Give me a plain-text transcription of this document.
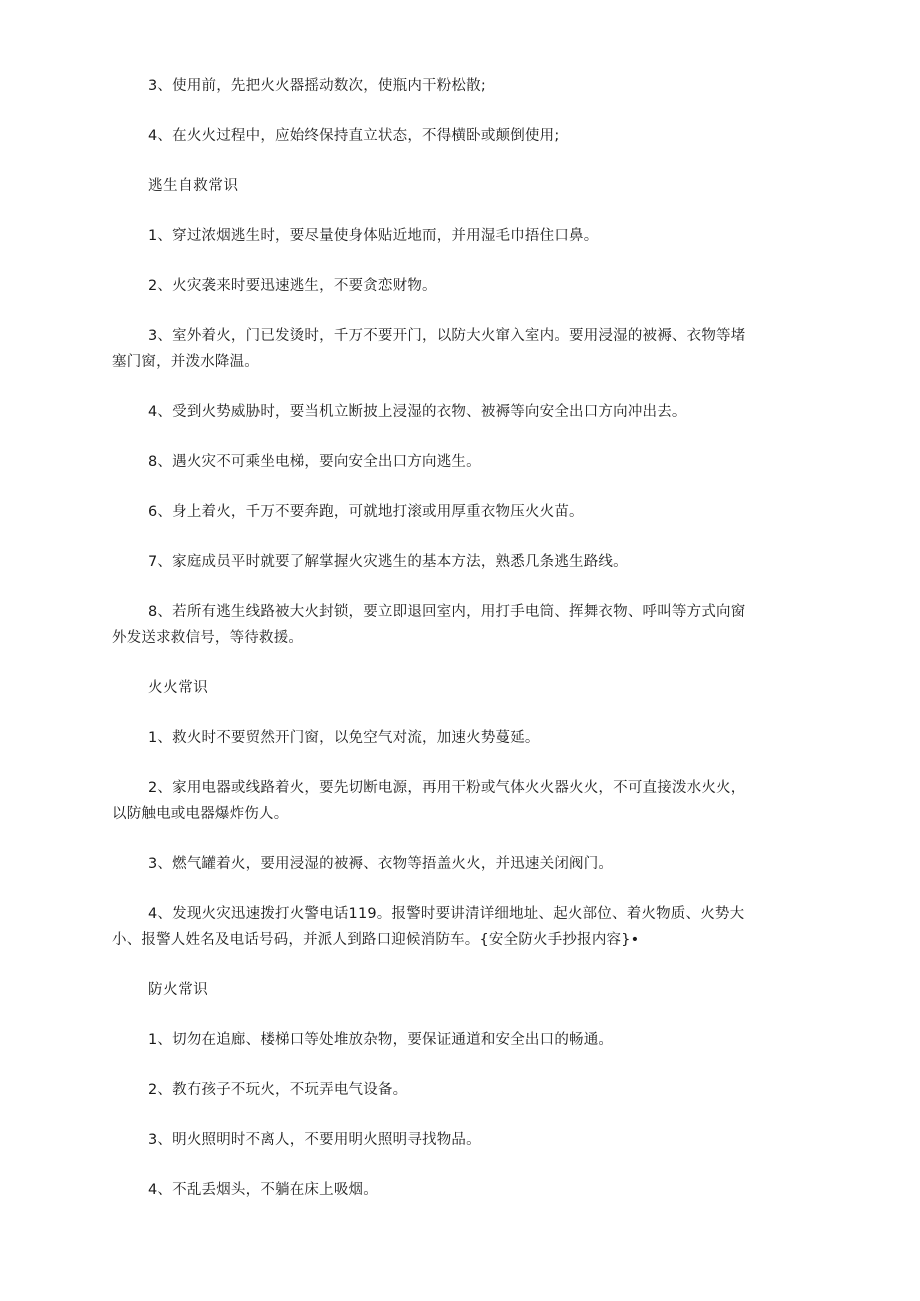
3、使用前，先把火火器摇动数次，使瓶内干粉松散;

4、在火火过程中，应始终保持直立状态，不得横卧或颠倒使用;

逃生自救常识

1、穿过浓烟逃生时，要尽量使身体贴近地而，并用湿毛巾捂住口鼻。

2、火灾袭来时要迅速逃生，不要贪恋财物。

3、室外着火，门已发烫时，千万不要开门，以防大火窜入室内。要用浸湿的被褥、衣物等堵塞门窗，并泼水降温。

4、受到火势威胁时，要当机立断披上浸湿的衣物、被褥等向安全出口方向冲出去。

8、遇火灾不可乘坐电梯，要向安全出口方向逃生。

6、身上着火，千万不要奔跑，可就地打滚或用厚重衣物压火火苗。

7、家庭成员平时就要了解掌握火灾逃生的基本方法，熟悉几条逃生路线。

8、若所有逃生线路被大火封锁，要立即退回室内，用打手电筒、挥舞衣物、呼叫等方式向窗外发送求救信号，等待救援。

火火常识

1、救火时不要贸然开门窗，以免空气对流，加速火势蔓延。

2、家用电器或线路着火，要先切断电源，再用干粉或气体火火器火火，不可直接泼水火火，以防触电或电器爆炸伤人。

3、燃气罐着火，要用浸湿的被褥、衣物等捂盖火火，并迅速关闭阀门。

4、发现火灾迅速拨打火警电话119。报警时要讲清详细地址、起火部位、着火物质、火势大小、报警人姓名及电话号码，并派人到路口迎候消防车。{安全防火手抄报内容}•

防火常识

1、切勿在追廊、楼梯口等处堆放杂物，要保证通道和安全出口的畅通。

2、教冇孩子不玩火，不玩弄电气设备。

3、明火照明时不离人，不要用明火照明寻找物品。

4、不乱丢烟头，不躺在床上吸烟。
